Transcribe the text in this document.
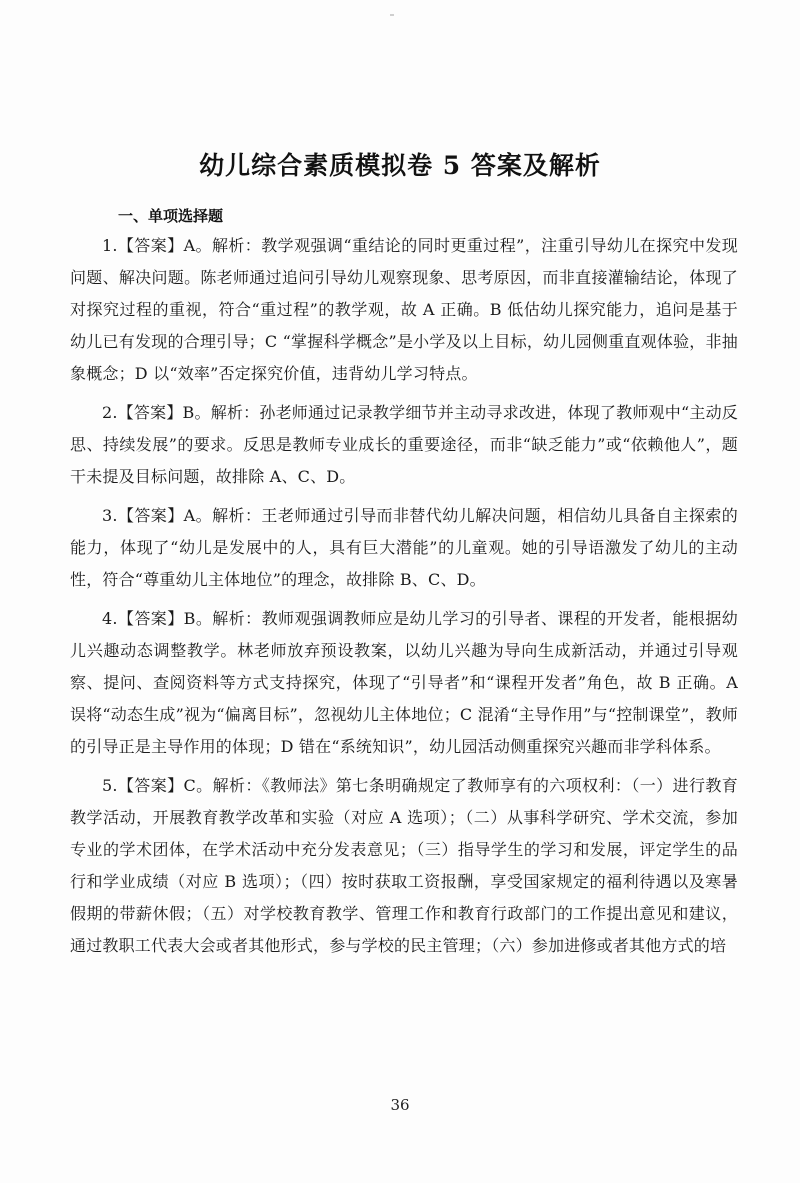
幼儿综合素质模拟卷 5 答案及解析
一、单项选择题

1.【答案】A。解析：教学观强调“重结论的同时更重过程”，注重引导幼儿在探究中发现问题、解决问题。陈老师通过追问引导幼儿观察现象、思考原因，而非直接灌输结论，体现了对探究过程的重视，符合“重过程”的教学观，故 A 正确。B 低估幼儿探究能力，追问是基于幼儿已有发现的合理引导；C “掌握科学概念”是小学及以上目标，幼儿园侧重直观体验，非抽象概念；D 以“效率”否定探究价值，违背幼儿学习特点。

2.【答案】B。解析：孙老师通过记录教学细节并主动寻求改进，体现了教师观中“主动反思、持续发展”的要求。反思是教师专业成长的重要途径，而非“缺乏能力”或“依赖他人”，题干未提及目标问题，故排除 A、C、D。

3.【答案】A。解析：王老师通过引导而非替代幼儿解决问题，相信幼儿具备自主探索的能力，体现了“幼儿是发展中的人，具有巨大潜能”的儿童观。她的引导语激发了幼儿的主动性，符合“尊重幼儿主体地位”的理念，故排除 B、C、D。

4.【答案】B。解析：教师观强调教师应是幼儿学习的引导者、课程的开发者，能根据幼儿兴趣动态调整教学。林老师放弃预设教案，以幼儿兴趣为导向生成新活动，并通过引导观察、提问、查阅资料等方式支持探究，体现了“引导者”和“课程开发者”角色，故 B 正确。A 误将“动态生成”视为“偏离目标”，忽视幼儿主体地位；C 混淆“主导作用”与“控制课堂”，教师的引导正是主导作用的体现；D 错在“系统知识”，幼儿园活动侧重探究兴趣而非学科体系。

5.【答案】C。解析：《教师法》第七条明确规定了教师享有的六项权利：（一）进行教育教学活动，开展教育教学改革和实验（对应 A 选项）；（二）从事科学研究、学术交流，参加专业的学术团体，在学术活动中充分发表意见；（三）指导学生的学习和发展，评定学生的品行和学业成绩（对应 B 选项）；（四）按时获取工资报酬，享受国家规定的福利待遇以及寒暑假期的带薪休假；（五）对学校教育教学、管理工作和教育行政部门的工作提出意见和建议，通过教职工代表大会或者其他形式，参与学校的民主管理；（六）参加进修或者其他方式的培

36
